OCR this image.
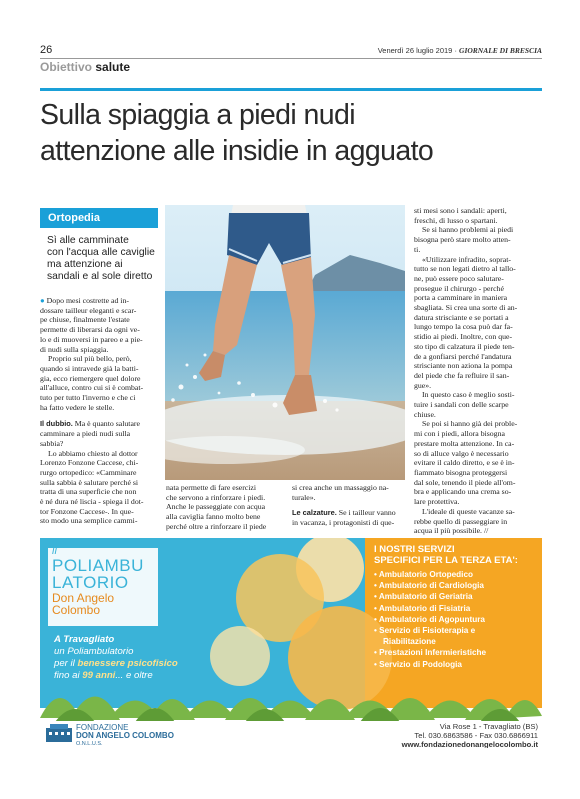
26	Venerdì 26 luglio 2019 · GIORNALE DI BRESCIA
Obiettivo salute
Sulla spiaggia a piedi nudi
attenzione alle insidie in agguato
Ortopedia
Sì alle camminate
con l'acqua alle caviglie
ma attenzione ai
sandali e al sole diretto
● Dopo mesi costrette ad in-
dossare tailleur eleganti e scar-
pe chiuse, finalmente l'estate
permette di liberarsi da ogni ve-
lo e di muoversi in pareo e a pie-
di nudi sulla spiaggia.
Proprio sul più bello, però,
quando si intravede già la batti-
gia, ecco riemergere quel dolore
all'alluce, contro cui si è combat-
tuto per tutto l'inverno e che ci
ha fatto vedere le stelle.
Il dubbio. Ma è quanto salutare
camminare a piedi nudi sulla
sabbia?
Lo abbiamo chiesto al dottor
Lorenzo Fonzone Caccese, chi-
rurgo ortopedico: «Camminare
sulla sabbia è salutare perché si
tratta di una superficie che non
è né dura né liscia - spiega il dot-
tor Fonzone Caccese-. In que-
sto modo una semplice cammi-
nata permette di fare esercizi
che servono a rinforzare i piedi.
Anche le passeggiate con acqua
alla caviglia fanno molto bene
perché oltre a rinforzare il piede
si crea anche un massaggio na-
turale».
Le calzature. Se i tailleur vanno
in vacanza, i protagonisti di que-
sti mesi sono i sandali: aperti,
freschi, di lusso o spartani.
Se si hanno problemi ai piedi
bisogna però stare molto atten-
ti.
«Utilizzare infradito, soprat-
tutto se non legati dietro al tallo-
ne, può essere poco salutare-
prosegue il chirurgo - perché
porta a camminare in maniera
sbagliata. Si crea una sorte di an-
datura strisciante e se portati a
lungo tempo la cosa può dar fa-
stidio ai piedi. Inoltre, con que-
sto tipo di calzatura il piede ten-
de a gonfiarsi perché l'andatura
strisciante non aziona la pompa
del piede che fa refluire il san-
gue».
In questo caso è meglio sosti-
tuire i sandali con delle scarpe
chiuse.
Se poi si hanno già dei proble-
mi con i piedi, allora bisogna
prestare molta attenzione. In ca-
so di alluce valgo è necessario
evitare il caldo diretto, e se è in-
fiammato bisogna proteggersi
dal sole, tenendo il piede all'om-
bra e applicando una crema so-
lare protettiva.
L'ideale di queste vacanze sa-
rebbe quello di passeggiare in
acqua il più possibile. //
il
POLIAMBU
LATORIO
Don Angelo
Colombo
A Travagliato
un Poliambulatorio
per il benessere psicofisico
fino ai 99 anni... e oltre
I NOSTRI SERVIZI
SPECIFICI PER LA TERZA ETA':
• Ambulatorio Ortopedico
• Ambulatorio di Cardiologia
• Ambulatorio di Geriatria
• Ambulatorio di Fisiatria
• Ambulatorio di Agopuntura
• Servizio di Fisioterapia e
Riabilitazione
• Prestazioni Infermieristiche
• Servizio di Podologia
FONDAZIONE
DON ANGELO COLOMBO
O.N.L.U.S.
Via Rose 1 - Travagliato (BS)
Tel. 030.6863586 - Fax 030.6866911
www.fondazionedonangelocolombo.it
